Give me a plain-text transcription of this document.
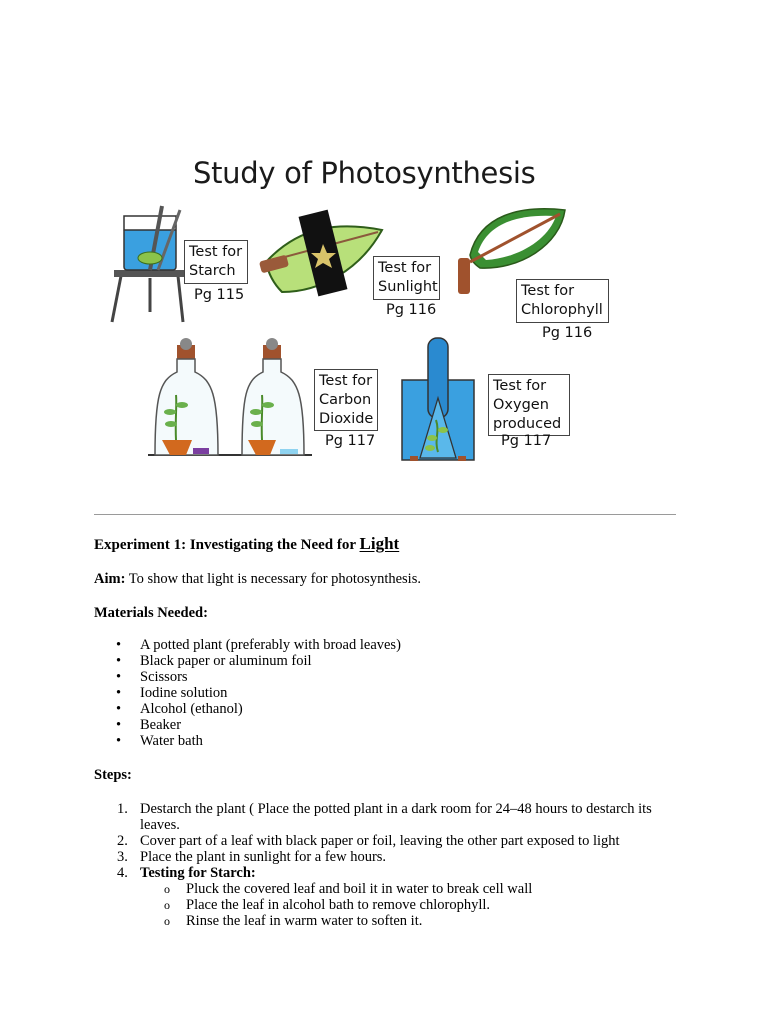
Study of Photosynthesis
Test for
Starch
Pg 115
Test for
Sunlight
Pg 116
Test for
Chlorophyll
Pg 116
Test for
Carbon
Dioxide
Pg 117
Test for
Oxygen
produced
Pg 117

Experiment 1: Investigating the Need for Light

Aim: To show that light is necessary for photosynthesis.

Materials Needed:

• A potted plant (preferably with broad leaves)
• Black paper or aluminum foil
• Scissors
• Iodine solution
• Alcohol (ethanol)
• Beaker
• Water bath

Steps:

1. Destarch the plant ( Place the potted plant in a dark room for 24–48 hours to destarch its leaves.
2. Cover part of a leaf with black paper or foil, leaving the other part exposed to light
3. Place the plant in sunlight for a few hours.
4. Testing for Starch:
o Pluck the covered leaf and boil it in water to break cell wall
o Place the leaf in alcohol bath to remove chlorophyll.
o Rinse the leaf in warm water to soften it.
